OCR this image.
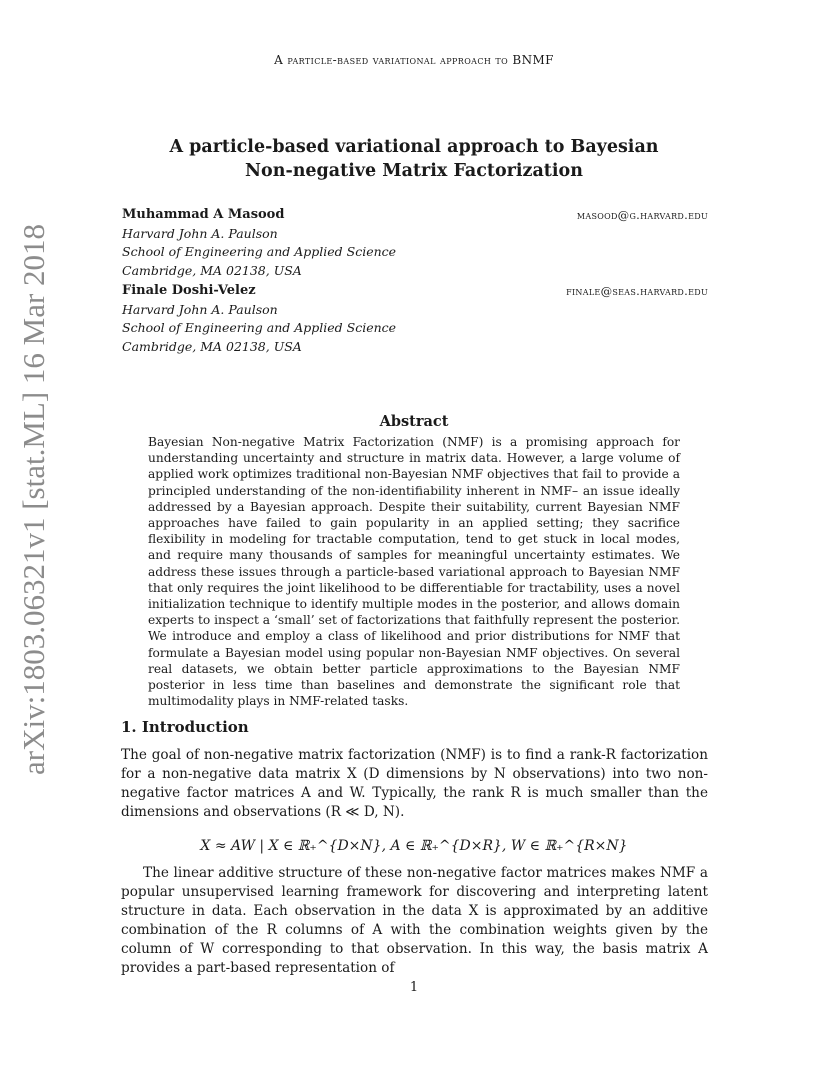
A particle-based variational approach to BNMF
arXiv:1803.06321v1 [stat.ML] 16 Mar 2018
A particle-based variational approach to Bayesian
Non-negative Matrix Factorization
Muhammad A Masood	masood@g.harvard.edu
Harvard John A. Paulson
School of Engineering and Applied Science
Cambridge, MA 02138, USA
Finale Doshi-Velez	finale@seas.harvard.edu
Harvard John A. Paulson
School of Engineering and Applied Science
Cambridge, MA 02138, USA
Abstract
Bayesian Non-negative Matrix Factorization (NMF) is a promising approach for understanding uncertainty and structure in matrix data. However, a large volume of applied work optimizes traditional non-Bayesian NMF objectives that fail to provide a principled understanding of the non-identifiability inherent in NMF– an issue ideally addressed by a Bayesian approach. Despite their suitability, current Bayesian NMF approaches have failed to gain popularity in an applied setting; they sacrifice flexibility in modeling for tractable computation, tend to get stuck in local modes, and require many thousands of samples for meaningful uncertainty estimates. We address these issues through a particle-based variational approach to Bayesian NMF that only requires the joint likelihood to be differentiable for tractability, uses a novel initialization technique to identify multiple modes in the posterior, and allows domain experts to inspect a ‘small’ set of factorizations that faithfully represent the posterior. We introduce and employ a class of likelihood and prior distributions for NMF that formulate a Bayesian model using popular non-Bayesian NMF objectives. On several real datasets, we obtain better particle approximations to the Bayesian NMF posterior in less time than baselines and demonstrate the significant role that multimodality plays in NMF-related tasks.
1. Introduction
The goal of non-negative matrix factorization (NMF) is to find a rank-R factorization for a non-negative data matrix X (D dimensions by N observations) into two non-negative factor matrices A and W. Typically, the rank R is much smaller than the dimensions and observations (R ≪ D, N).
X ≈ AW | X ∈ ℝ₊^{D×N}, A ∈ ℝ₊^{D×R}, W ∈ ℝ₊^{R×N}
The linear additive structure of these non-negative factor matrices makes NMF a popular unsupervised learning framework for discovering and interpreting latent structure in data. Each observation in the data X is approximated by an additive combination of the R columns of A with the combination weights given by the column of W corresponding to that observation. In this way, the basis matrix A provides a part-based representation of
1
